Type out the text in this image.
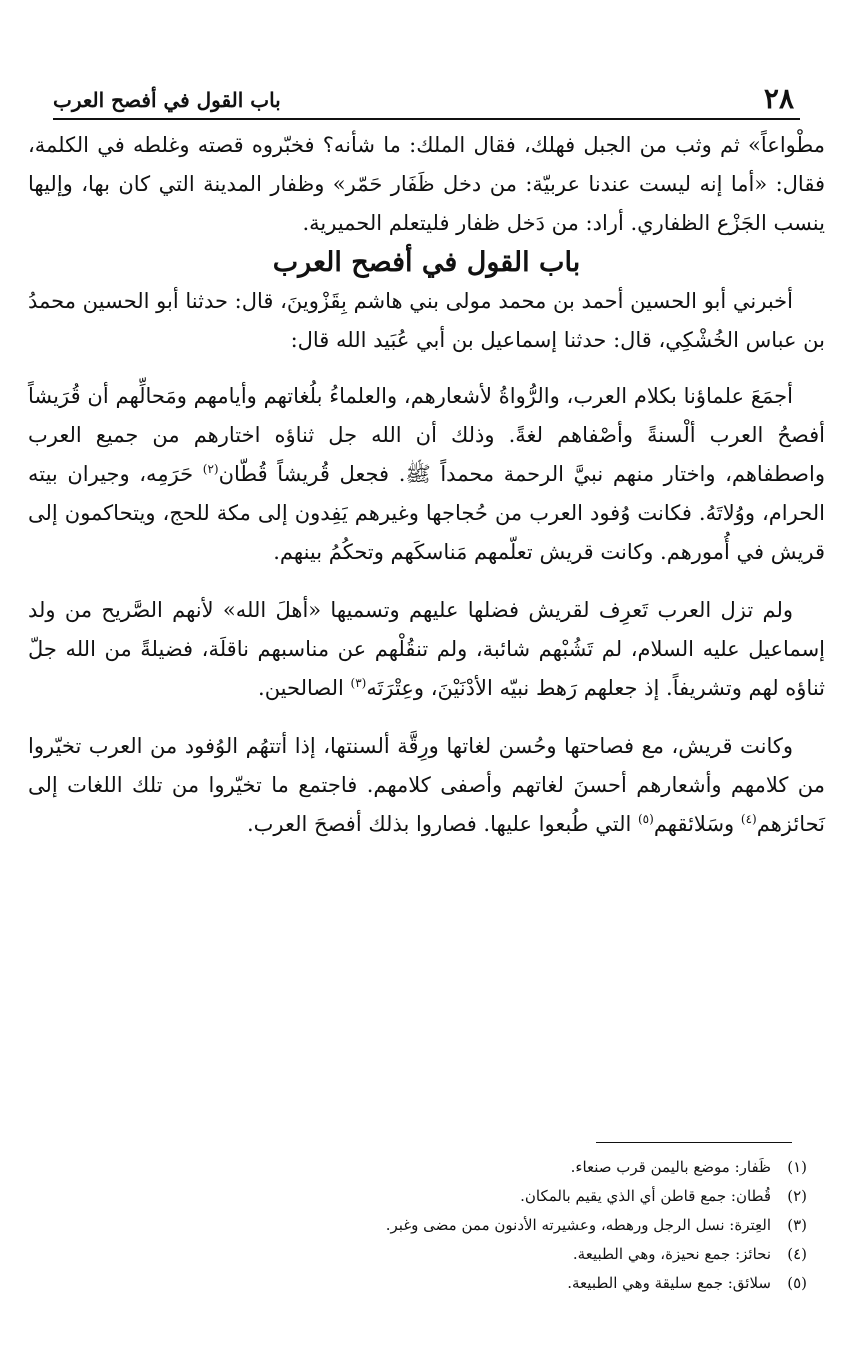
٢٨
باب القول في أفصح العرب

مطْواعاً» ثم وثب من الجبل فهلك، فقال الملك: ما شأنه؟ فخبّروه قصته وغلطه في الكلمة، فقال: «أما إنه ليست عندنا عربيّة: من دخل ظَفَار حَمّر» وظفار المدينة التي كان بها، وإليها ينسب الجَزْع الظفاري. أراد: من دَخل ظفار فليتعلم الحميرية.

باب القول في أفصح العرب

أخبرني أبو الحسين أحمد بن محمد مولى بني هاشم بِقَزْوينَ، قال: حدثنا أبو الحسين محمدُ بن عباس الخُشْكِي، قال: حدثنا إسماعيل بن أبي عُبَيد الله قال:

أجمَعَ علماؤنا بكلام العرب، والرُّواةُ لأشعارهم، والعلماءُ بلُغاتهم وأيامهم ومَحالِّهم أن قُرَيشاً أفصحُ العرب ألْسنةً وأصْفاهم لغةً. وذلك أن الله جل ثناؤه اختارهم من جميع العرب واصطفاهم، واختار منهم نبيَّ الرحمة محمداً ﷺ. فجعل قُريشاً قُطّان$^{(٢)}$ حَرَمِه، وجيران بيته الحرام، ووُلاتَهُ. فكانت وُفود العرب من حُجاجها وغيرهم يَفِدون إلى مكة للحج، ويتحاكمون إلى قريش في أُمورهم. وكانت قريش تعلّمهم مَناسكَهم وتحكُمُ بينهم.

ولم تزل العرب تَعرِف لقريش فضلها عليهم وتسميها «أهلَ الله» لأنهم الصَّريح من ولد إسماعيل عليه السلام، لم تَشُبْهم شائبة، ولم تنقُلْهم عن مناسبهم ناقلَة، فضيلةً من الله جلّ ثناؤه لهم وتشريفاً. إذ جعلهم رَهط نبيّه الأدْنَيْنَ، وعِتْرَتَه$^{(٣)}$ الصالحين.

وكانت قريش، مع فصاحتها وحُسن لغاتها ورِقَّة ألسنتها، إذا أتتهُم الوُفود من العرب تخيّروا من كلامهم وأشعارهم أحسنَ لغاتهم وأصفى كلامهم. فاجتمع ما تخيّروا من تلك اللغات إلى نَحائزهم$^{(٤)}$ وسَلائقهم$^{(٥)}$ التي طُبعوا عليها. فصاروا بذلك أفصحَ العرب.

(١)ظَفار: موضع باليمن قرب صنعاء.
(٢)قُطان: جمع قاطن أي الذي يقيم بالمكان.
(٣)العِترة: نسل الرجل ورهطه، وعشيرته الأدنون ممن مضى وغبر.
(٤)نحائز: جمع نحيزة، وهي الطبيعة.
(٥)سلائق: جمع سليقة وهي الطبيعة.
